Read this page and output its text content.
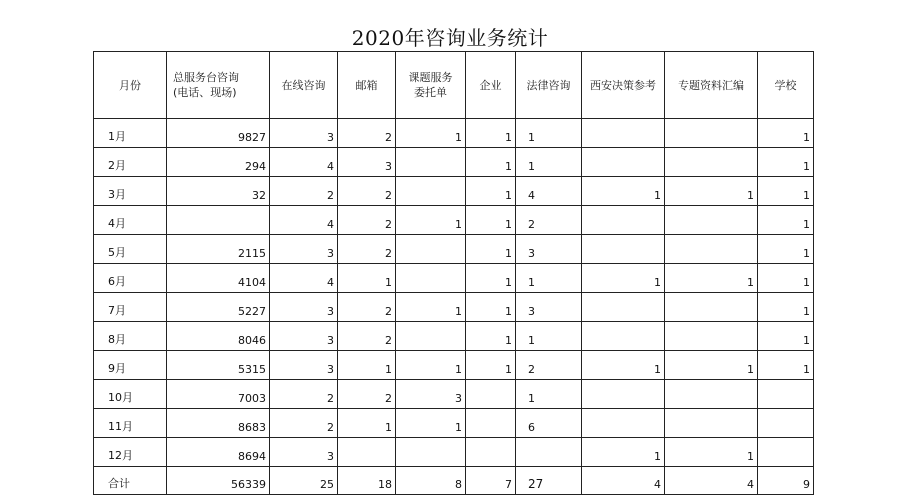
2020年咨询业务统计
月份	总服务台咨询
(电话、现场)	在线咨询	邮箱	课题服务
委托单	企业	法律咨询	西安决策参考	专题资料汇编	学校
1月	9827	3	2	1	1	1			1
2月	294	4	3		1	1			1
3月	32	2	2		1	4	1	1	1
4月		4	2	1	1	2			1
5月	2115	3	2		1	3			1
6月	4104	4	1		1	1	1	1	1
7月	5227	3	2	1	1	3			1
8月	8046	3	2		1	1			1
9月	5315	3	1	1	1	2	1	1	1
10月	7003	2	2	3		1			
11月	8683	2	1	1		6			
12月	8694	3					1	1	
合计	56339	25	18	8	7	27	4	4	9
